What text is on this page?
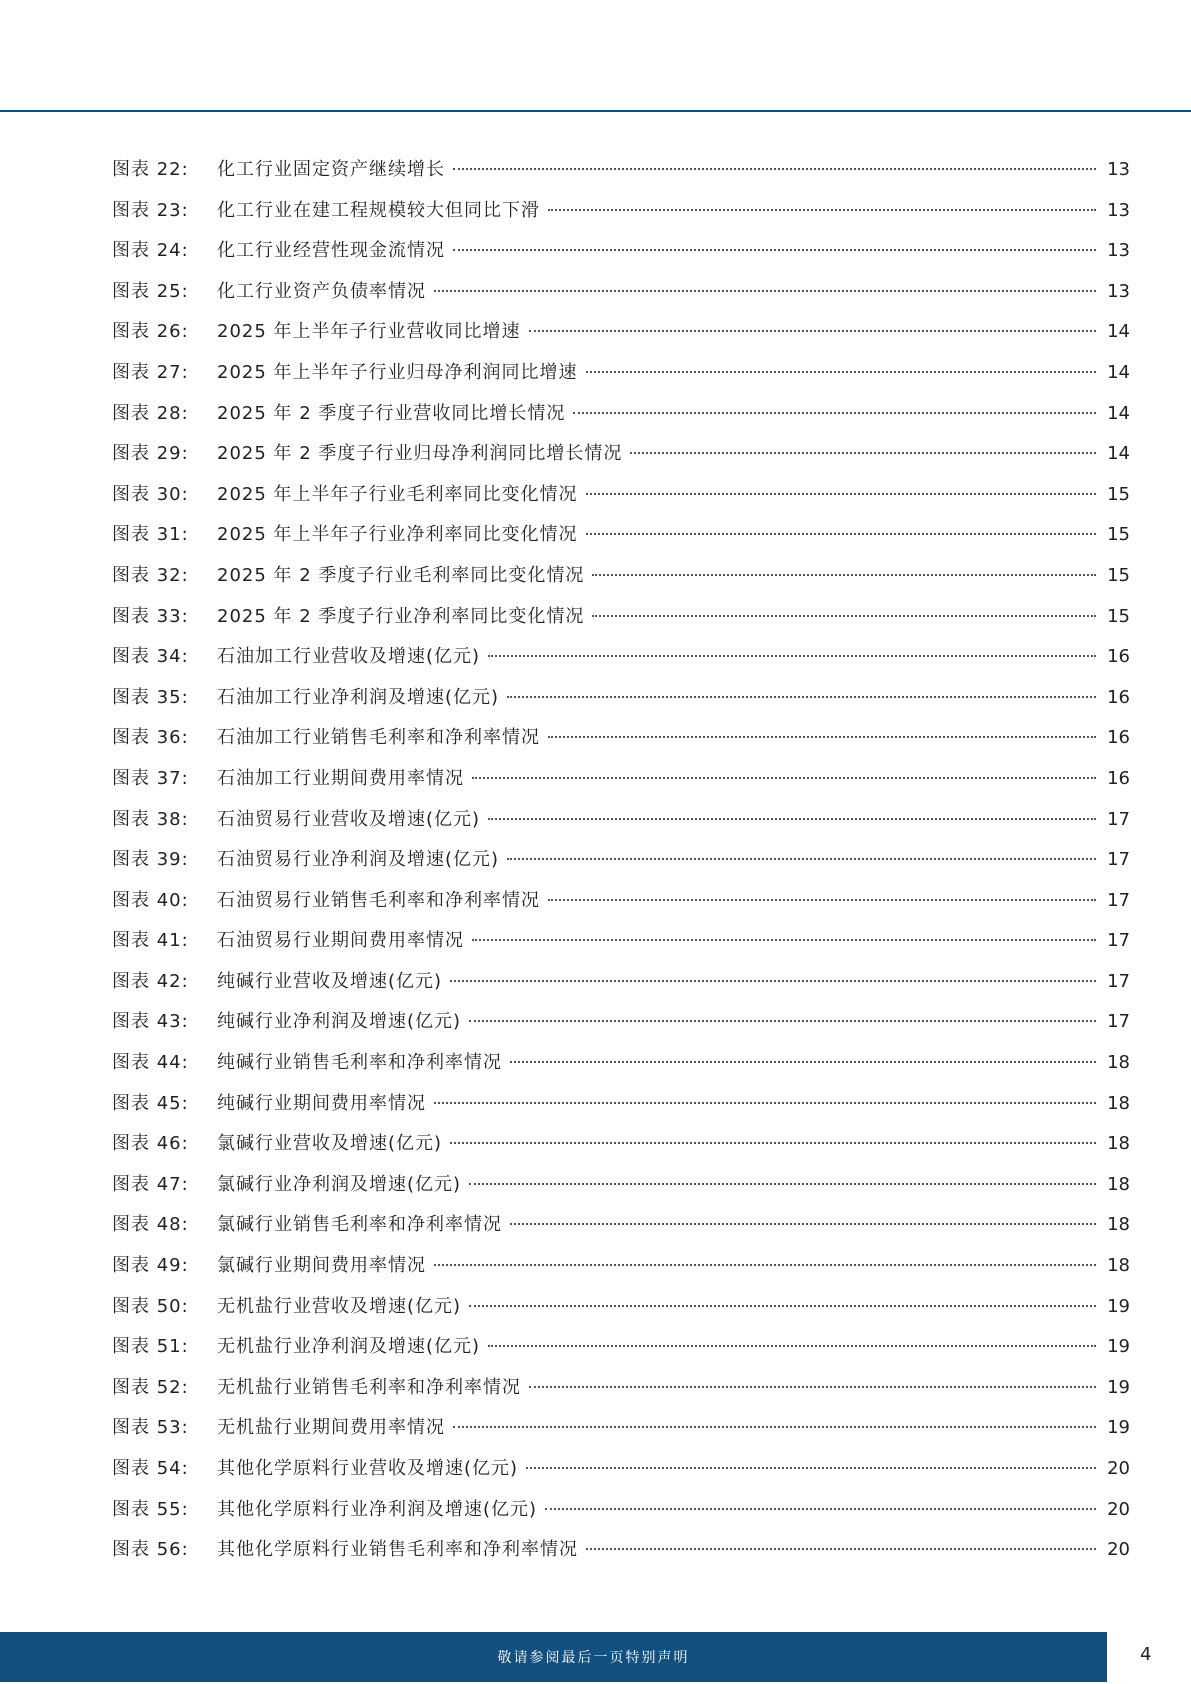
图表 22:	化工行业固定资产继续增长	13
图表 23:	化工行业在建工程规模较大但同比下滑	13
图表 24:	化工行业经营性现金流情况	13
图表 25:	化工行业资产负债率情况	13
图表 26:	2025 年上半年子行业营收同比增速	14
图表 27:	2025 年上半年子行业归母净利润同比增速	14
图表 28:	2025 年 2 季度子行业营收同比增长情况	14
图表 29:	2025 年 2 季度子行业归母净利润同比增长情况	14
图表 30:	2025 年上半年子行业毛利率同比变化情况	15
图表 31:	2025 年上半年子行业净利率同比变化情况	15
图表 32:	2025 年 2 季度子行业毛利率同比变化情况	15
图表 33:	2025 年 2 季度子行业净利率同比变化情况	15
图表 34:	石油加工行业营收及增速(亿元)	16
图表 35:	石油加工行业净利润及增速(亿元)	16
图表 36:	石油加工行业销售毛利率和净利率情况	16
图表 37:	石油加工行业期间费用率情况	16
图表 38:	石油贸易行业营收及增速(亿元)	17
图表 39:	石油贸易行业净利润及增速(亿元)	17
图表 40:	石油贸易行业销售毛利率和净利率情况	17
图表 41:	石油贸易行业期间费用率情况	17
图表 42:	纯碱行业营收及增速(亿元)	17
图表 43:	纯碱行业净利润及增速(亿元)	17
图表 44:	纯碱行业销售毛利率和净利率情况	18
图表 45:	纯碱行业期间费用率情况	18
图表 46:	氯碱行业营收及增速(亿元)	18
图表 47:	氯碱行业净利润及增速(亿元)	18
图表 48:	氯碱行业销售毛利率和净利率情况	18
图表 49:	氯碱行业期间费用率情况	18
图表 50:	无机盐行业营收及增速(亿元)	19
图表 51:	无机盐行业净利润及增速(亿元)	19
图表 52:	无机盐行业销售毛利率和净利率情况	19
图表 53:	无机盐行业期间费用率情况	19
图表 54:	其他化学原料行业营收及增速(亿元)	20
图表 55:	其他化学原料行业净利润及增速(亿元)	20
图表 56:	其他化学原料行业销售毛利率和净利率情况	20
敬请参阅最后一页特别声明	4
